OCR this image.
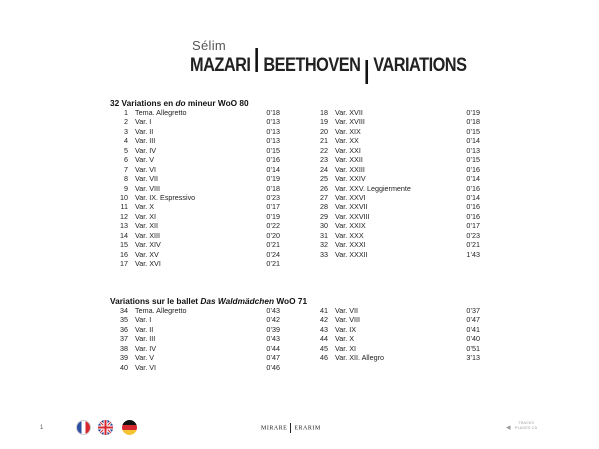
Sélim
MAZARI BEETHOVEN VARIATIONS
32 Variations en do mineur WoO 80
1 Tema. Allegretto	0’18
2 Var. I	0’13
3 Var. II	0’13
4 Var. III	0’13
5 Var. IV	0’15
6 Var. V	0’16
7 Var. VI	0’14
8 Var. VII	0’19
9 Var. VIII	0’18
10 Var. IX. Espressivo	0’23
11 Var. X	0’17
12 Var. XI	0’19
13 Var. XII	0’22
14 Var. XIII	0’20
15 Var. XIV	0’21
16 Var. XV	0’24
17 Var. XVI	0’21
18 Var. XVII	0’19
19 Var. XVIII	0’18
20 Var. XIX	0’15
21 Var. XX	0’14
22 Var. XXI	0’13
23 Var. XXII	0’15
24 Var. XXIII	0’16
25 Var. XXIV	0’14
26 Var. XXV. Leggiermente	0’16
27 Var. XXVI	0’14
28 Var. XXVII	0’16
29 Var. XXVIII	0’16
30 Var. XXIX	0’17
31 Var. XXX	0’23
32 Var. XXXI	0’21
33 Var. XXXII	1’43
Variations sur le ballet Das Waldmädchen WoO 71
34 Tema. Allegretto	0’43
35 Var. I	0’42
36 Var. II	0’39
37 Var. III	0’43
38 Var. IV	0’44
39 Var. V	0’47
40 Var. VI	0’46
41 Var. VII	0’37
42 Var. VIII	0’47
43 Var. IX	0’41
44 Var. X	0’40
45 Var. XI	0’51
46 Var. XII. Allegro	3’13
1	MIRARE ERARIM	◂	TRACKS
PLAGES CD
